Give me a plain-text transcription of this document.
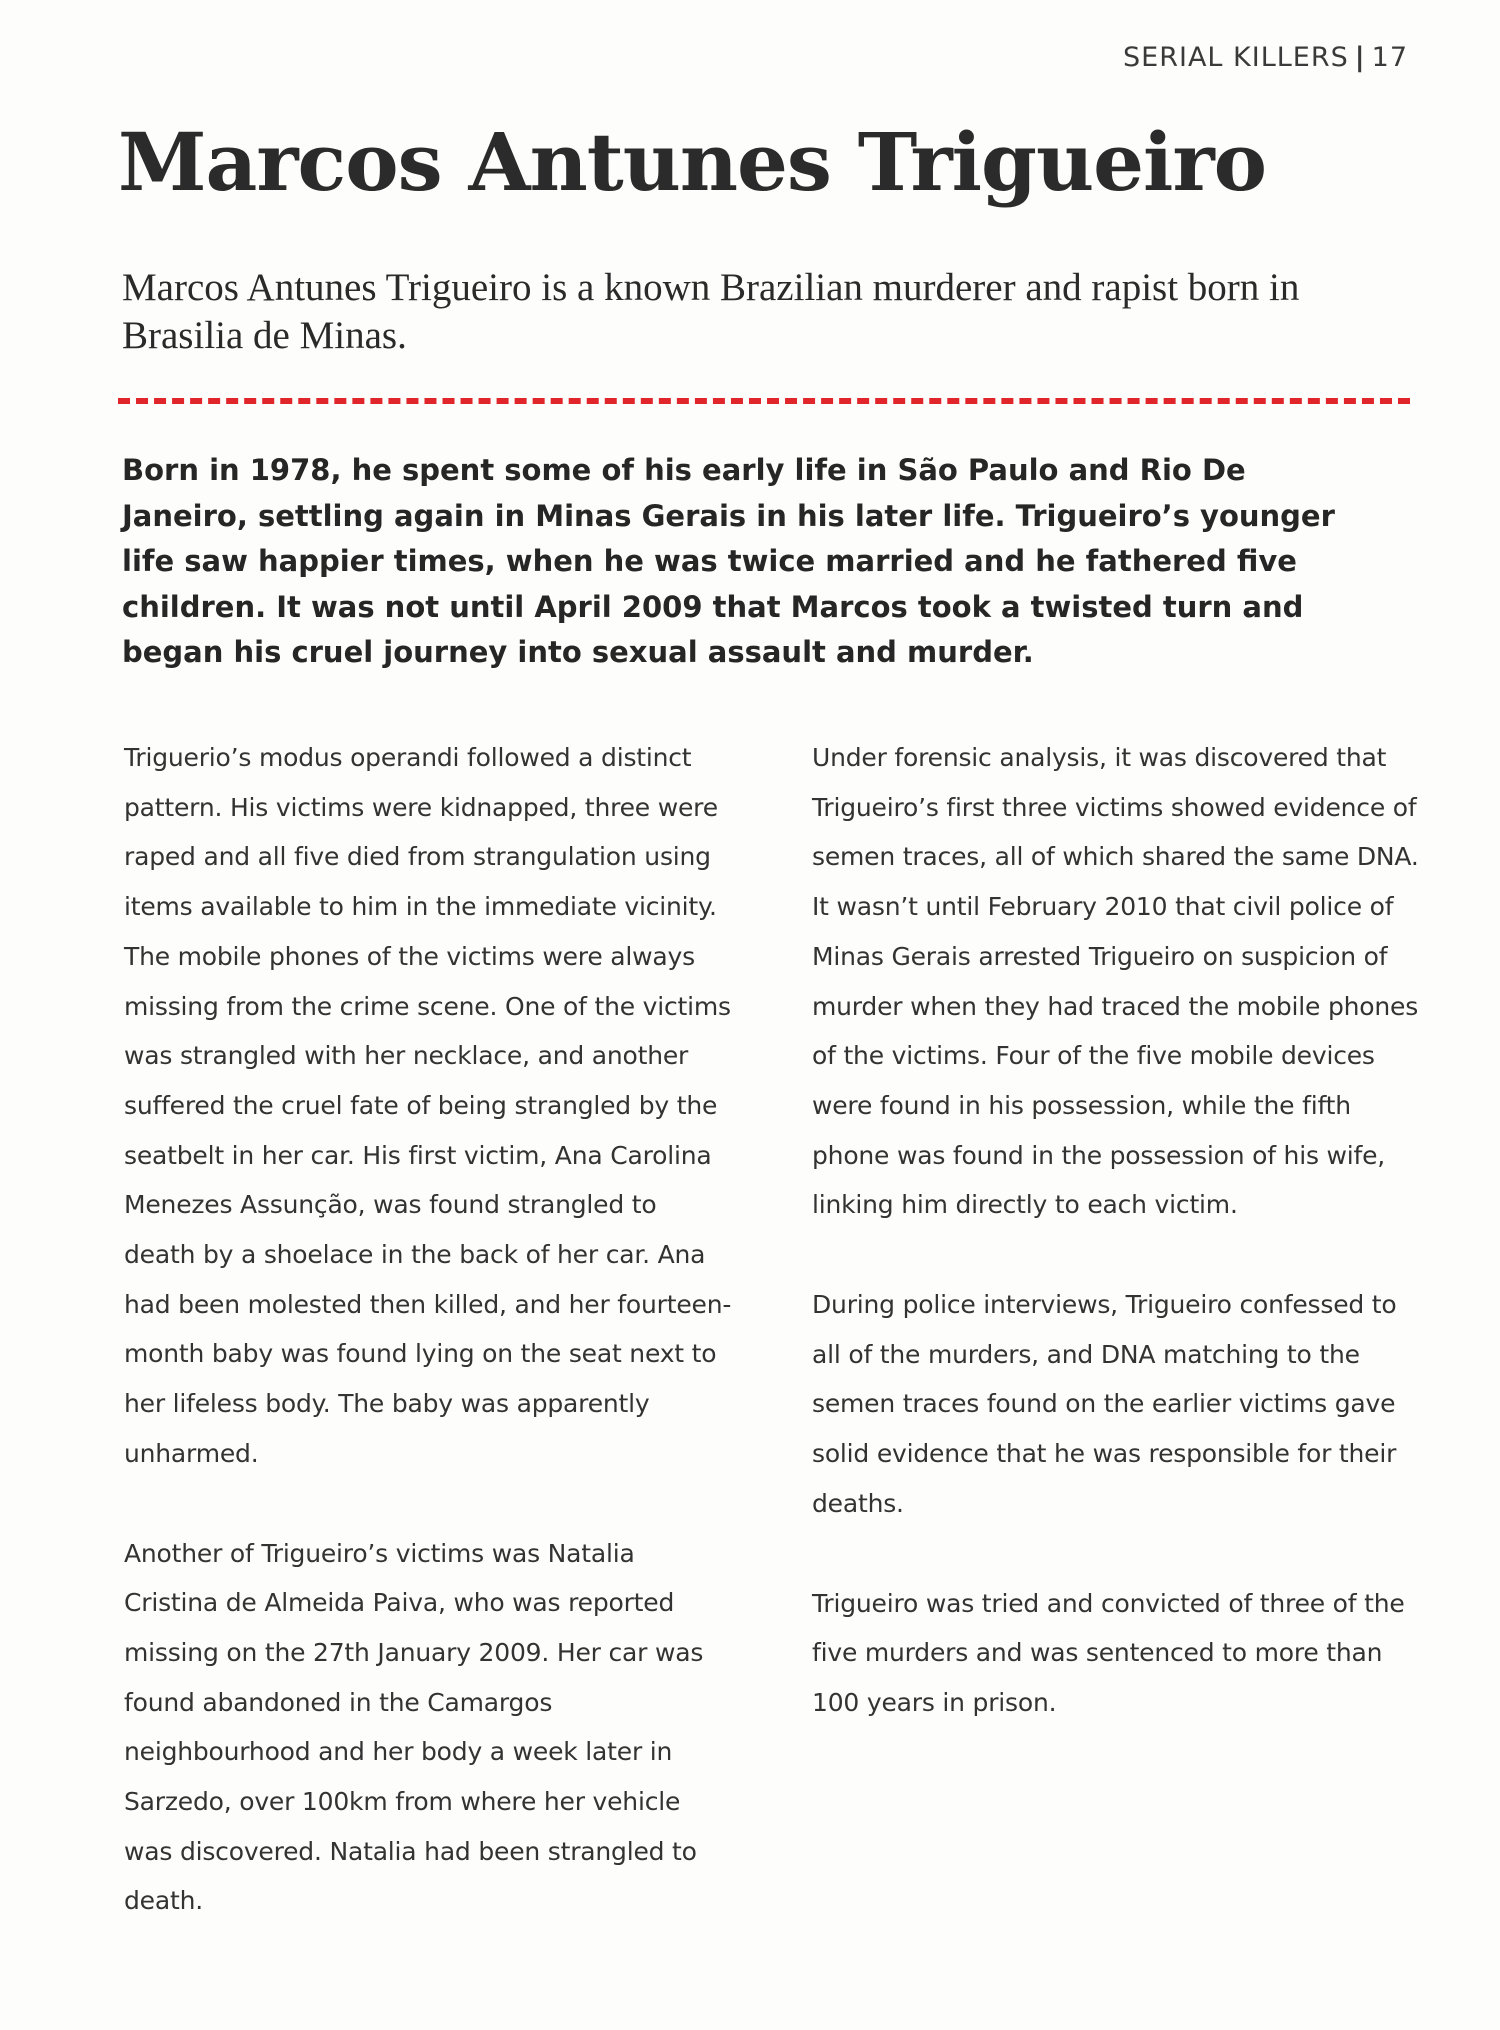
SERIAL KILLERS | 17
Marcos Antunes Trigueiro

Marcos Antunes Trigueiro is a known Brazilian murderer and rapist born in Brasilia de Minas.

Born in 1978, he spent some of his early life in São Paulo and Rio De Janeiro, settling again in Minas Gerais in his later life. Trigueiro’s younger life saw happier times, when he was twice married and he fathered five children. It was not until April 2009 that Marcos took a twisted turn and began his cruel journey into sexual assault and murder.

Triguerio’s modus operandi followed a distinct pattern. His victims were kidnapped, three were raped and all five died from strangulation using items available to him in the immediate vicinity. The mobile phones of the victims were always missing from the crime scene. One of the victims was strangled with her necklace, and another suffered the cruel fate of being strangled by the seatbelt in her car. His first victim, Ana Carolina Menezes Assunção, was found strangled to death by a shoelace in the back of her car. Ana had been molested then killed, and her fourteen-month baby was found lying on the seat next to her lifeless body. The baby was apparently unharmed.

Another of Trigueiro’s victims was Natalia Cristina de Almeida Paiva, who was reported missing on the 27th January 2009. Her car was found abandoned in the Camargos neighbourhood and her body a week later in Sarzedo, over 100km from where her vehicle was discovered. Natalia had been strangled to death.

Under forensic analysis, it was discovered that Trigueiro’s first three victims showed evidence of semen traces, all of which shared the same DNA. It wasn’t until February 2010 that civil police of Minas Gerais arrested Trigueiro on suspicion of murder when they had traced the mobile phones of the victims. Four of the five mobile devices were found in his possession, while the fifth phone was found in the possession of his wife, linking him directly to each victim.

During police interviews, Trigueiro confessed to all of the murders, and DNA matching to the semen traces found on the earlier victims gave solid evidence that he was responsible for their deaths.

Trigueiro was tried and convicted of three of the five murders and was sentenced to more than 100 years in prison.
